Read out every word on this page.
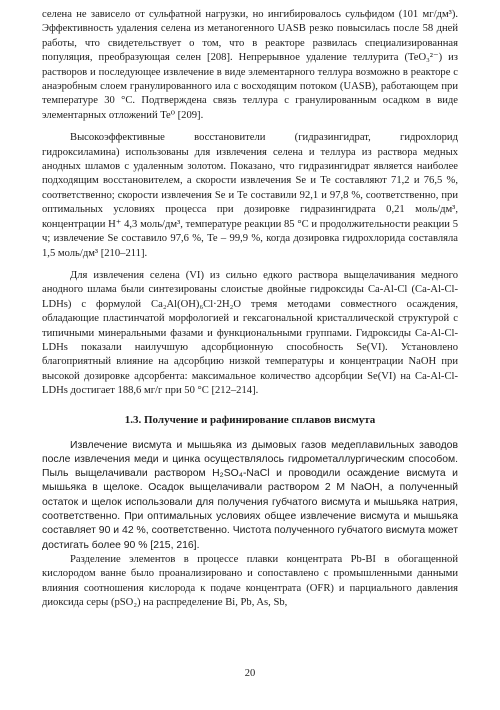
селена не зависело от сульфатной нагрузки, но ингибировалось сульфидом (101 мг/дм³). Эффективность удаления селена из метаногенного UASB резко повысилась после 58 дней работы, что свидетельствует о том, что в реакторе развилась специализированная популяция, преобразующая селен [208]. Непрерывное удаление теллурита (TeO₃²⁻) из растворов и последующее извлечение в виде элементарного теллура возможно в реакторе с анаэробным слоем гранулированного ила с восходящим потоком (UASB), работающем при температуре 30 °С. Подтверждена связь теллура с гранулированным осадком в виде элементарных отложений Te⁰ [209].

Высокоэффективные восстановители (гидразингидрат, гидрохлорид гидроксиламина) использованы для извлечения селена и теллура из раствора медных анодных шламов с удаленным золотом. Показано, что гидразингидрат является наиболее подходящим восстановителем, а скорости извлечения Se и Te составляют 71,2 и 76,5 %, соответственно; скорости извлечения Se и Te составили 92,1 и 97,8 %, соответственно, при оптимальных условиях процесса при дозировке гидразингидрата 0,21 моль/дм³, концентрации H⁺ 4,3 моль/дм³, температуре реакции 85 °С и продолжительности реакции 5 ч; извлечение Se составило 97,6 %, Te – 99,9 %, когда дозировка гидрохлорида составляла 1,5 моль/дм³ [210–211].

Для извлечения селена (VI) из сильно едкого раствора выщелачивания медного анодного шлама были синтезированы слоистые двойные гидроксиды Ca-Al-Cl (Ca-Al-Cl-LDHs) с формулой Ca₂Al(OH)₆Cl·2H₂O тремя методами совместного осаждения, обладающие пластинчатой морфологией и гексагональной кристаллической структурой с типичными минеральными фазами и функциональными группами. Гидроксиды Ca-Al-Cl-LDHs показали наилучшую адсорбционную способность Se(VI). Установлено благоприятный влияние на адсорбцию низкой температуры и концентрации NaOH при высокой дозировке адсорбента: максимальное количество адсорбции Se(VI) на Ca-Al-Cl-LDHs достигает 188,6 мг/г при 50 °С [212–214].

1.3. Получение и рафинирование сплавов висмута

Извлечение висмута и мышьяка из дымовых газов медеплавильных заводов после извлечения меди и цинка осуществлялось гидрометаллургическим способом. Пыль выщелачивали раствором H₂SO₄-NaCl и проводили осаждение висмута и мышьяка в щелоке. Осадок выщелачивали раствором 2 М NaOH, а полученный остаток и щелок использовали для получения губчатого висмута и мышьяка натрия, соответственно. При оптимальных условиях общее извлечение висмута и мышьяка составляет 90 и 42 %, соответственно. Чистота полученного губчатого висмута может достигать более 90 % [215, 216].

Разделение элементов в процессе плавки концентрата Pb-BI в обогащенной кислородом ванне было проанализировано и сопоставлено с промышленными данными влияния соотношения кислорода к подаче концентрата (OFR) и парциального давления диоксида серы (pSO₂) на распределение Bi, Pb, As, Sb,

20
